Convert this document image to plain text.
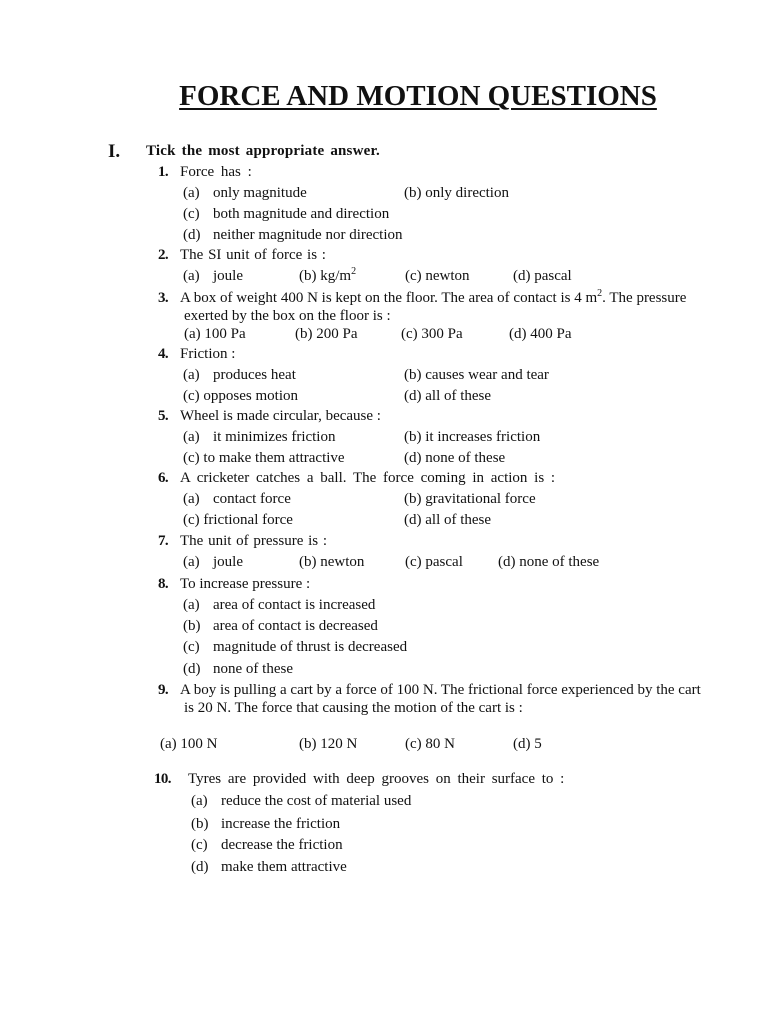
FORCE AND MOTION QUESTIONS
I. Tick the most appropriate answer.
1. Force has :
(a) only magnitude	(b) only direction
(c) both magnitude and direction
(d) neither magnitude nor direction
2. The SI unit of force is :
(a) joule	(b) $kg/m^2$	(c) newton	(d) pascal
3. A box of weight 400 N is kept on the floor. The area of contact is 4 $m^2$. The pressure
exerted by the box on the floor is :
(a) 100 Pa	(b) 200 Pa	(c) 300 Pa	(d) 400 Pa
4. Friction :
(a) produces heat	(b) causes wear and tear
(c) opposes motion	(d) all of these
5. Wheel is made circular, because :
(a) it minimizes friction	(b) it increases friction
(c) to make them attractive	(d) none of these
6. A cricketer catches a ball. The force coming in action is :
(a) contact force	(b) gravitational force
(c) frictional force	(d) all of these
7. The unit of pressure is :
(a) joule	(b) newton	(c) pascal (d) none of these
8. To increase pressure :
(a) area of contact is increased
(b) area of contact is decreased
(c) magnitude of thrust is decreased
(d) none of these
9. A boy is pulling a cart by a force of 100 N. The frictional force experienced by the cart
is 20 N. The force that causing the motion of the cart is :
(a) 100 N	(b) 120 N	(c) 80 N	(d) 5
10. Tyres are provided with deep grooves on their surface to :
(a) reduce the cost of material used
(b) increase the friction
(c) decrease the friction
(d) make them attractive
